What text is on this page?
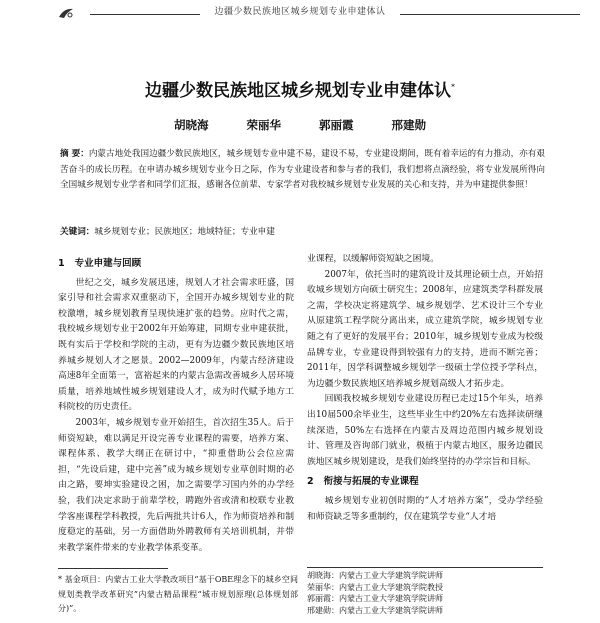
边疆少数民族地区城乡规划专业申建体认
边疆少数民族地区城乡规划专业申建体认*
胡晓海	荣丽华	郭丽霞	邢建勋
摘 要：内蒙古地处我国边疆少数民族地区，城乡规划专业申建不易，建设不易，专业建设期间，既有着幸运的有力推动，亦有艰苦奋斗的成长历程。在申请办城乡规划专业今日之际，作为专业建设者和参与者的我们，我们想将点滴经验，将专业发展所得向全国城乡规划专业学者和同学们汇报，感谢各位前辈、专家学者对我校城乡规划专业发展的关心和支持，并为申建提供参照！
关键词：城乡规划专业；民族地区；地域特征；专业申建
1 专业申建与回顾

世纪之交，城乡发展迅速，规划人才社会需求旺盛，国家引导和社会需求双重驱动下，全国开办城乡规划专业的院校激增，城乡规划教育呈现快速扩张的趋势。应时代之需，我校城乡规划专业于2002年开始筹建，同期专业申建获批，既有实后于学校和学院的主动，更有为边疆少数民族地区培养城乡规划人才之愿景。2002—2009年，内蒙古经济建设高速8年全面第一，富裕起来的内蒙古急需改善城乡人居环境质量，培养地域性城乡规划建设人才，成为时代赋予地方工科院校的历史责任。

2003年，城乡规划专业开始招生，首次招生35人。后于师资短缺，难以满足开设完善专业课程的需要，培养方案、课程体系、教学大纲正在研讨中，“抑重借助公会位应需担，“先设后建，建中完善”成为城乡规划专业草创时期的必由之路，要坤实验建设之困，加之需要学习国内外的办学经验，我们决定求助于前辈学校，聘跑外省或清和校联专业教学客座课程学科教授，先后两批共计6人，作为师资培养和制度稳定的基础，另一方面借助外聘教师有关培训机制，并带来教学案件带来的专业教学体系变革。

业课程，以缓解师资短缺之困境。

2007年，依托当时的建筑设计及其理论硕士点，开始招收城乡规划方向硕士研究生；2008年，应建筑类学科群发展之需，学校决定将建筑学、城乡规划学、艺术设计三个专业从原建筑工程学院分离出来，成立建筑学院，城乡规划专业随之有了更好的发展平台；2010年，城乡规划专业成为校级品牌专业，专业建设得到较强有力的支持，进而不断完善；2011年，因学科调整城乡规划学一级硕士学位授予学科点，为边疆少数民族地区培养城乡规划高级人才拓步走。

回顾我校城乡规划专业建设历程已走过15个年头，培养出10届500余毕业生，这些毕业生中约20%左右选择读研继续深造，50%左右选择在内蒙古及周边范围内城乡规划设计、管理及咨询部门就业，极植于内蒙古地区，服务边疆民族地区城乡规划建设，是我们始终坚持的办学宗旨和目标。

2 衔接与拓展的专业课程

城乡规划专业初创时期的“人才培养方案”，受办学经验和师资缺乏等多重制约，仅在建筑学专业“人才培

* 基金项目：内蒙古工业大学教改项目“基于OBE理念下的城乡空间规划类教学改革研究”内蒙古精品课程“城市规划原理(总体规划部分)”。
胡晓海：内蒙古工业大学建筑学院讲师
荣丽华：内蒙古工业大学建筑学院教授
郭丽霞：内蒙古工业大学建筑学院讲师
邢建勋：内蒙古工业大学建筑学院讲师
